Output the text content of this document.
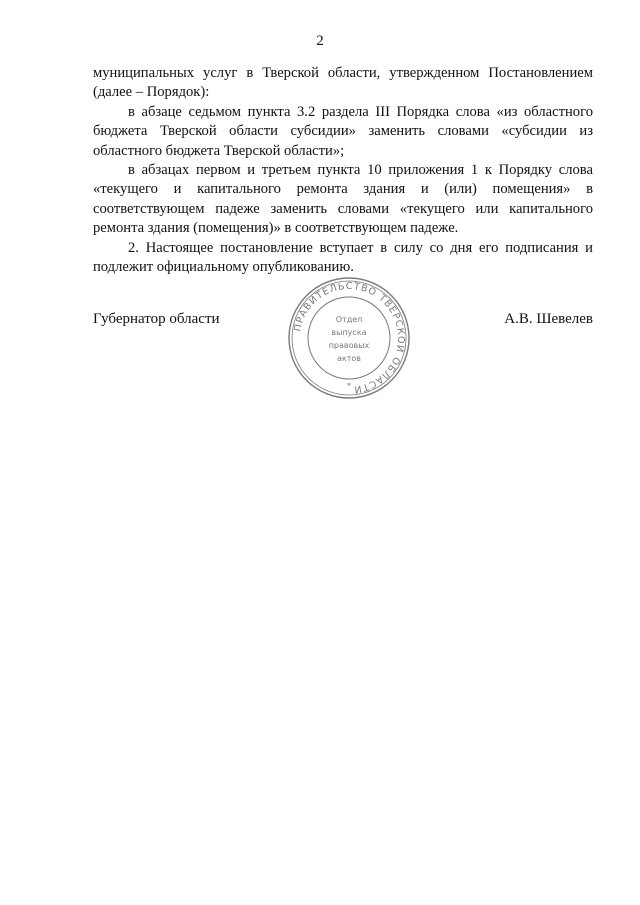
2

муниципальных услуг в Тверской области, утвержденном Постановлением (далее – Порядок):

в абзаце седьмом пункта 3.2 раздела III Порядка слова «из областного бюджета Тверской области субсидии» заменить словами «субсидии из областного бюджета Тверской области»;

в абзацах первом и третьем пункта 10 приложения 1 к Порядку слова «текущего и капитального ремонта здания и (или) помещения» в соответствующем падеже заменить словами «текущего или капитального ремонта здания (помещения)» в соответствующем падеже.

2. Настоящее постановление вступает в силу со дня его подписания и подлежит официальному опубликованию.

Губернатор области	А.В. Шевелев
ПРАВИТЕЛЬСТВО ТВЕРСКОЙ ОБЛАСТИ
Отдел
выпуска
правовых
актов
*
